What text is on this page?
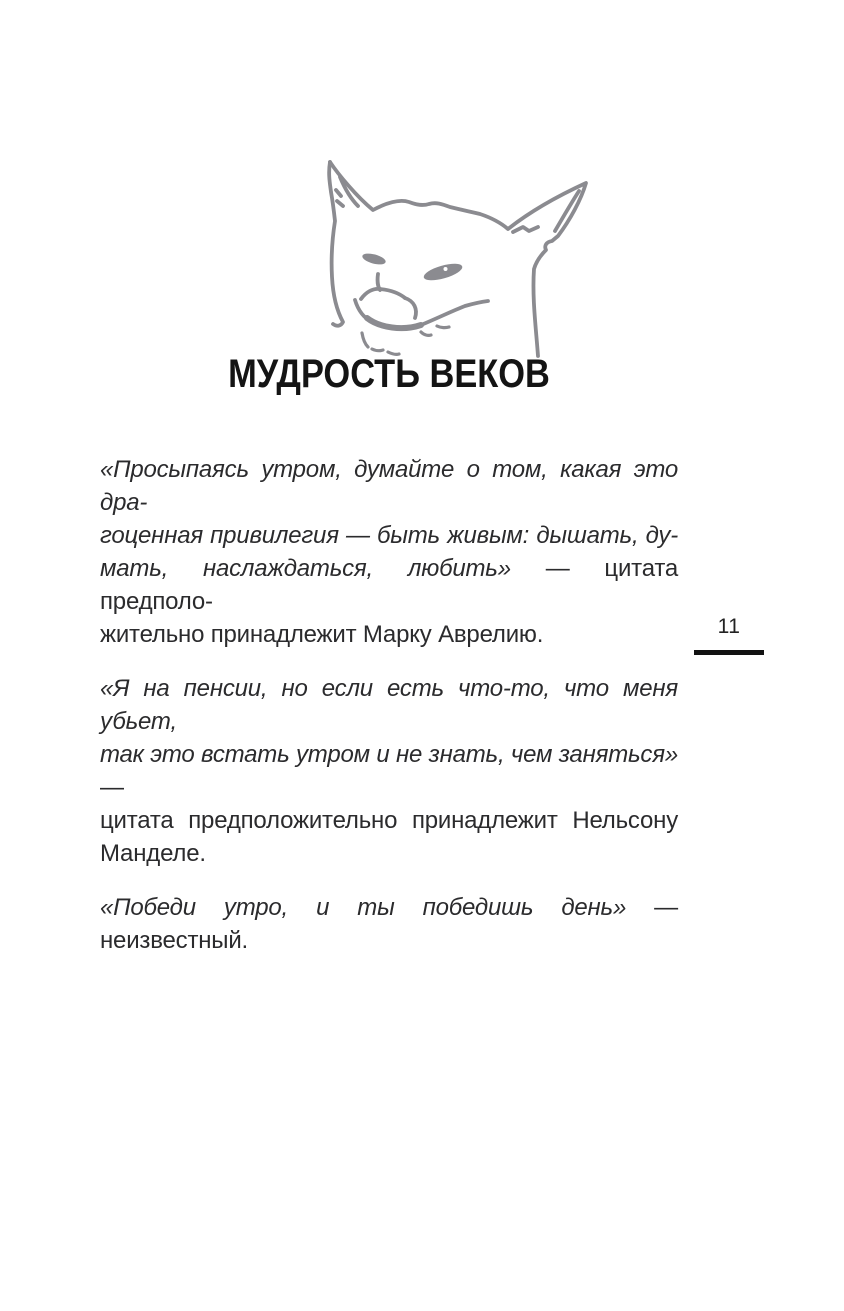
МУДРОСТЬ ВЕКОВ
«Просыпаясь утром, думайте о том, какая это дра-
гоценная привилегия — быть живым: дышать, ду-
мать, наслаждаться, любить» — цитата предполо-
жительно принадлежит Марку Аврелию.
«Я на пенсии, но если есть что-то, что меня убьет,
так это встать утром и не знать, чем заняться» —
цитата предположительно принадлежит Нельсону
Манделе.
«Победи утро, и ты победишь день» — неизвестный.
11
